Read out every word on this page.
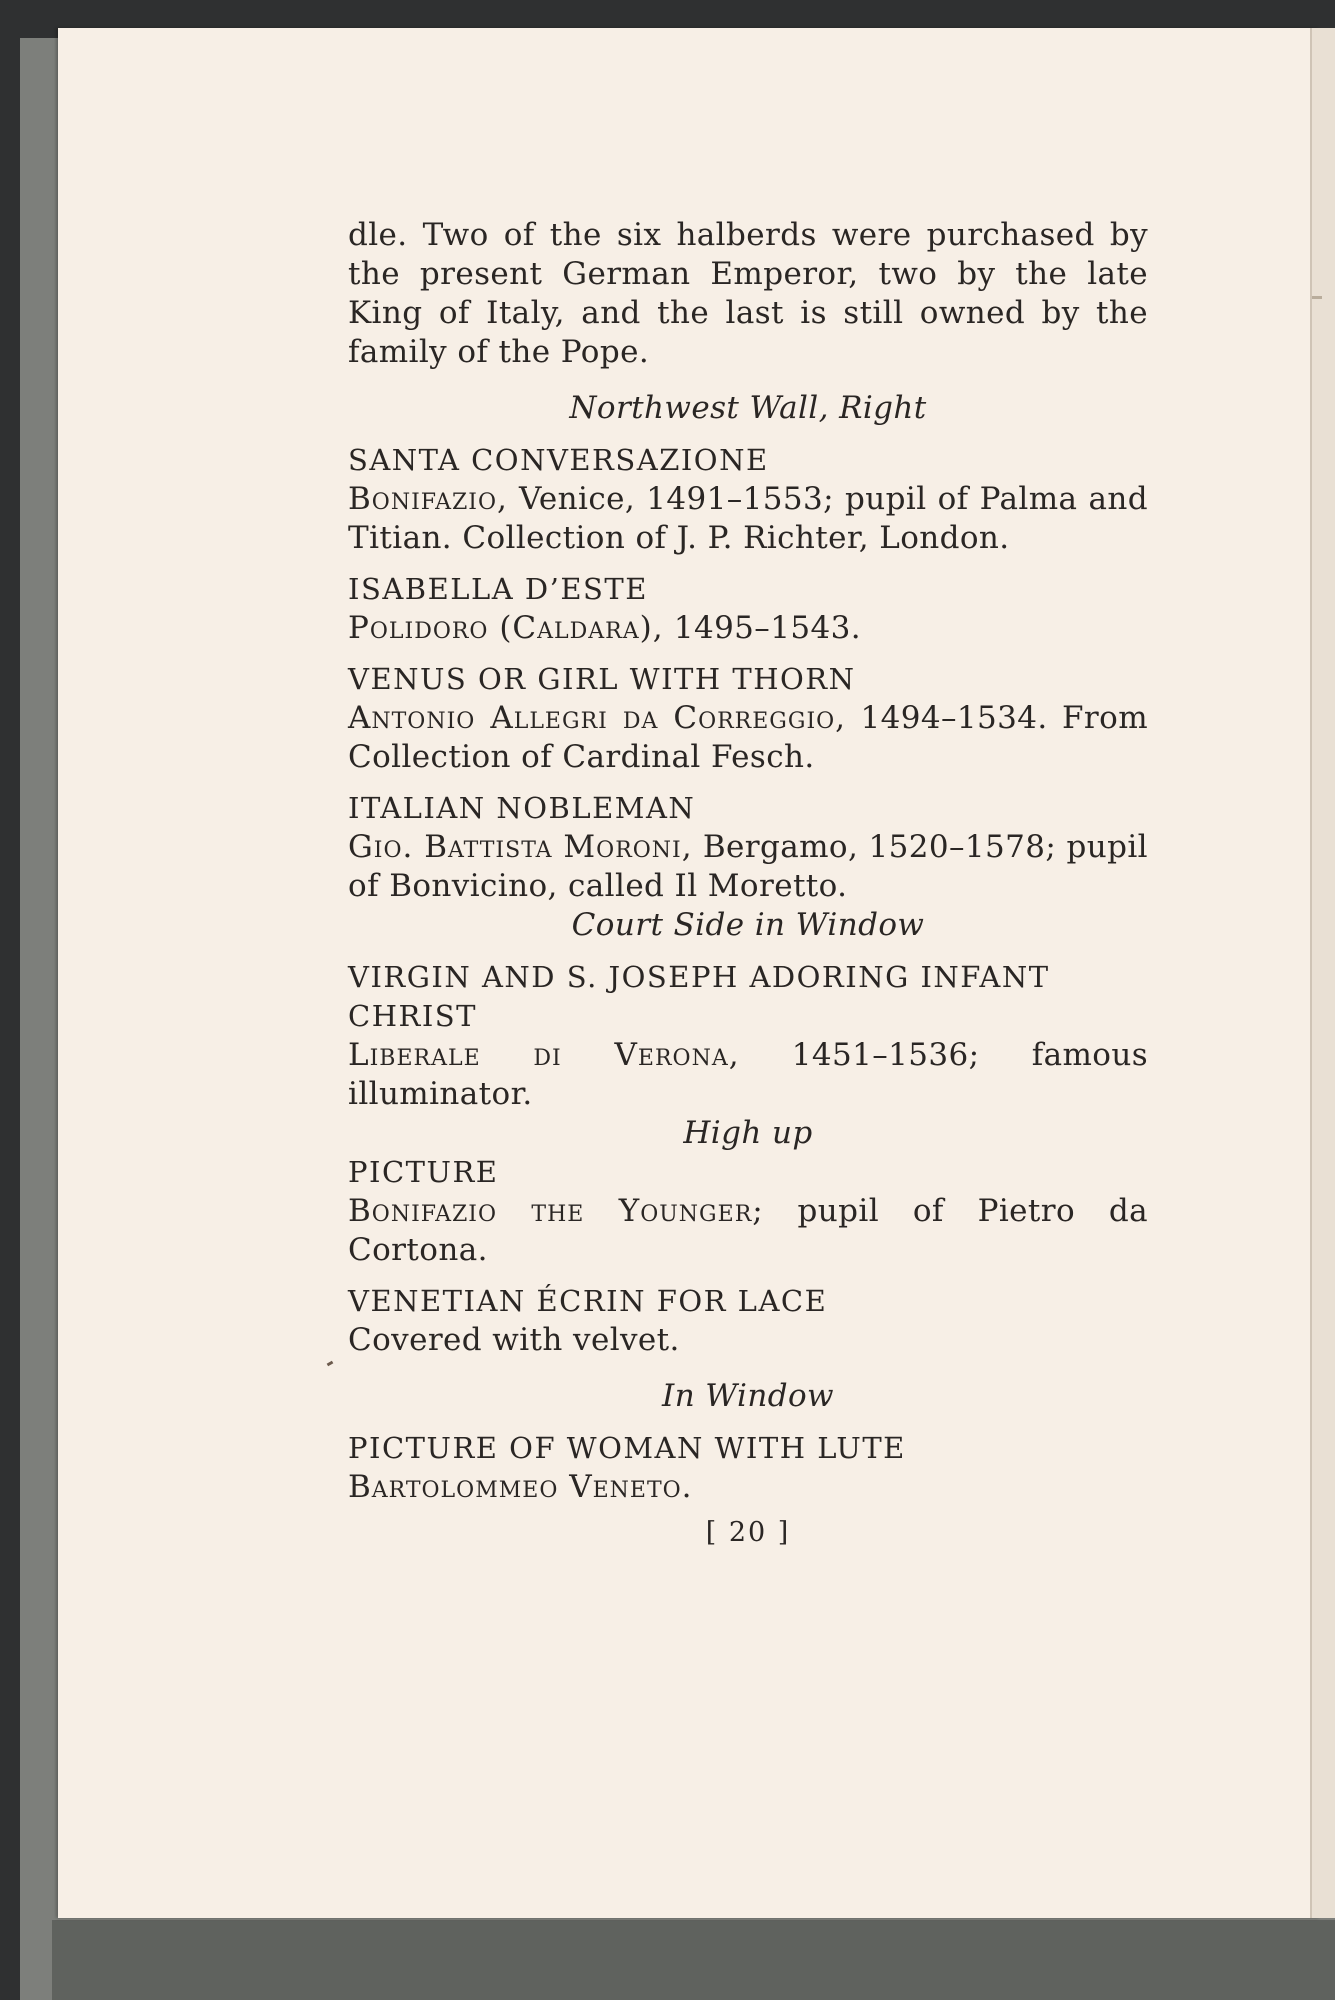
dle. Two of the six halberds were purchased by the present German Emperor, two by the late King of Italy, and the last is still owned by the family of the Pope.

Northwest Wall, Right

SANTA CONVERSAZIONE

Bonifazio, Venice, 1491–1553; pupil of Palma and Titian. Collection of J. P. Richter, London.

ISABELLA D’ESTE

Polidoro (Caldara), 1495–1543.

VENUS OR GIRL WITH THORN

Antonio Allegri da Correggio, 1494–1534. From Collection of Cardinal Fesch.

ITALIAN NOBLEMAN

Gio. Battista Moroni, Bergamo, 1520–1578; pupil of Bonvicino, called Il Moretto.

Court Side in Window

VIRGIN AND S. JOSEPH ADORING INFANT CHRIST

Liberale di Verona, 1451–1536; famous illuminator.

High up

PICTURE

Bonifazio the Younger; pupil of Pietro da Cortona.

VENETIAN ÉCRIN FOR LACE

Covered with velvet.

In Window

PICTURE OF WOMAN WITH LUTE

Bartolommeo Veneto.

[ 20 ]
